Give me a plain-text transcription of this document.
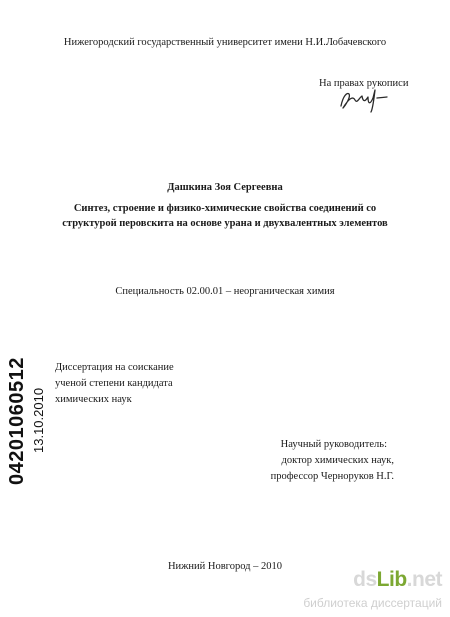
Нижегородский государственный университет имени Н.И.Лобачевского
На правах рукописи
Дашкина Зоя Сергеевна
Синтез, строение и физико-химические свойства соединений со
структурой перовскита на основе урана и двухвалентных элементов
Специальность 02.00.01 – неорганическая химия
Диссертация на соискание
ученой степени кандидата
химических наук
04201060512 13.10.2010	Научный руководитель:
доктор химических наук,
профессор Черноруков Н.Г.
Нижний Новгород – 2010
dsLib.net
библиотека диссертаций
